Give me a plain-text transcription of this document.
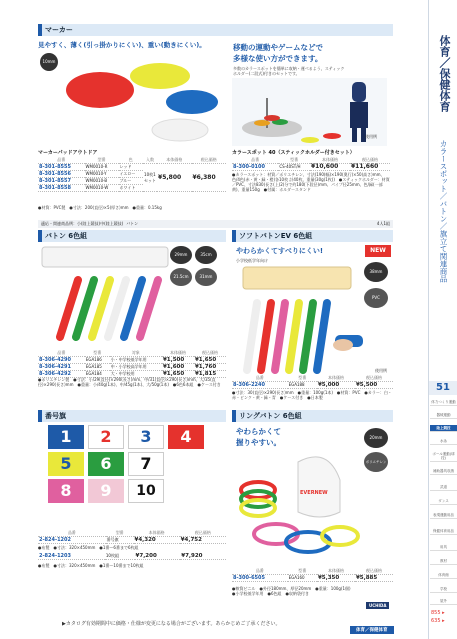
マーカー
見やすく、薄く(引っ掛かりにくい)、重い(動きにくい)。
10mm
移動の運動やゲームなどで
多様な使い方ができます。
多数のカラースポットを簡単に収納・運べるよう、スティックホルダー(二段式)付きのセットです。
使用例
マーカーパッドアウトドア
品番	型番	色	入数	本体価格	税込価格
8-301-8555	WM0010-R	レッド	10枚1セット	¥5,800	¥6,380
8-301-8556	WM0010-Y	イエロー			
8-301-8557	WM0010-B	ブルー			
8-301-8558	WM0010-W	ホワイト			
●材質：PVC製　●寸法：200(直径)×5(厚さ)mm　●重量：0.15kg
カラースポット 40（スティックホルダー付きセット）
品番	型番	本体価格	税込価格
8-300-0100	CS-40ST/H	¥10,600	¥11,660
●カラースポット：材質／ポリエチレン、寸法(190(幅)×190(奥行)×50(高さ)mm、色/4色(赤・黄・緑・橙)各10枚 計40枚、重量(30g(1枚))　●スティックホルダー：材質／PVC、寸法830(長さ(上)2)分で約180(下段径)mm、パイプ径25mm、色/緑(一部黄)、重量150g　●付属：ホルダースタンド
適応・関連商品例：小(陸上競技)中(陸上競技) バトン	4人1組
バトン 6色組
29mm	35cm
21.5cm	31mm
品番	型番	対象	本体価格	税込価格
8-306-4290	EGA186	小・中学校低学年用	¥1,500	¥1,650
8-306-4291	EGA185	中・小学校高学年用	¥1,600	¥1,760
8-306-4292	EGA184	大・中学校用	¥1,650	¥1,815
●ポリエチレン製　●寸法：小/29(直径)×290(長さ)mm、中/31(直径)×290(長さ)mm、大/35(直径)×290(長さ)mm　●重量：小/40g(1本)、中/45g(1本)、大/50g(1本)　●6色6本組　●ケース付き
ソフトバトンEV 6色組
やわらかくてすべりにくい!
小学校低学年向け
NEW
38mm
PVC
使用例
品番	型番	本体価格	税込価格
8-306-2240	EGA188	¥5,000	¥5,500
●寸法：30(直径)×290(長さ)mm　●重量：100g(1本)　●材質：PVC　●カラー：白・赤・ピンク・黄・緑・青　●ケース付き　●日本製
番号旗
1	2	3	4
5	6	7
8	9	10
品番	型番	本体価格	税込価格
2-824-1202	番号旗	¥4,320	¥4,752
●布製　●寸法：320×450mm　●1番〜6番まで6枚組
2-824-1203	10枚組	¥7,200	¥7,920
●布製　●寸法：320×450mm　●1番〜10番まで10枚組
リングバトン 6色組
やわらかくて
握りやすい。
20mm
ポリエチレン
EVERNEW
品番	型番	本体価格	税込価格
8-300-6505	EGA160	¥5,350	¥5,885
●軟質ビニル　●外径180mm、厚径20mm　●重量：100g(1個)　●小学校低学年用　●6色組　●収納袋付き
UCHIDA
▶カタログ有効期間中に価格・仕様が変更になる場合がございます。あらかじめご了承ください。
体育／保健体育
体育／保健体育
カラースポット／バトン／旗立て関連商品
51
体力つくり運動
器械運動
陸上競技
水泳
ボール運動(球技)
補助器具収納
武道
ダンス
表現運動用品
保健体育用品
用具
教材
体育館
学校
屋外
855 ▸
635 ▸
